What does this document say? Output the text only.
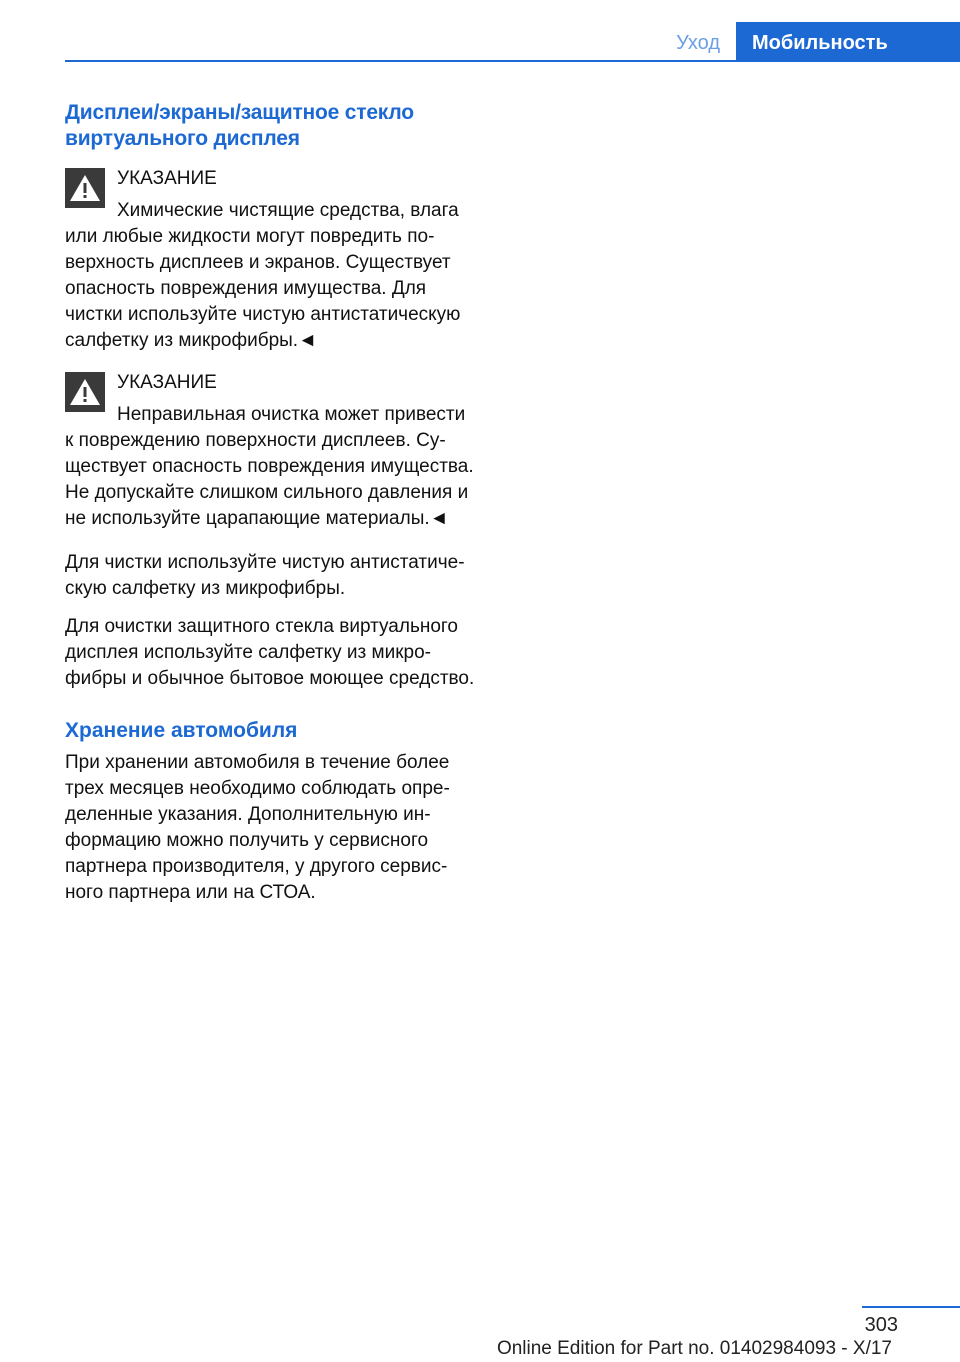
Уход	Мобильность
Дисплеи/экраны/защитное стекло виртуального дисплея
УКАЗАНИЕ

Химические чистящие средства, влага или любые жидкости могут повредить поверхность дисплеев и экранов. Существует опасность повреждения имущества. Для чистки используйте чистую антистатическую салфетку из микрофибры.◄

УКАЗАНИЕ

Неправильная очистка может привести к повреждению поверхности дисплеев. Существует опасность повреждения имущества. Не допускайте слишком сильного давления и не используйте царапающие материалы.◄

Для чистки используйте чистую антистатическую салфетку из микрофибры.

Для очистки защитного стекла виртуального дисплея используйте салфетку из микрофибры и обычное бытовое моющее средство.

Хранение автомобиля

При хранении автомобиля в течение более трех месяцев необходимо соблюдать определенные указания. Дополнительную информацию можно получить у сервисного партнера производителя, у другого сервисного партнера или на СТОА.

303
Online Edition for Part no. 01402984093 - X/17
